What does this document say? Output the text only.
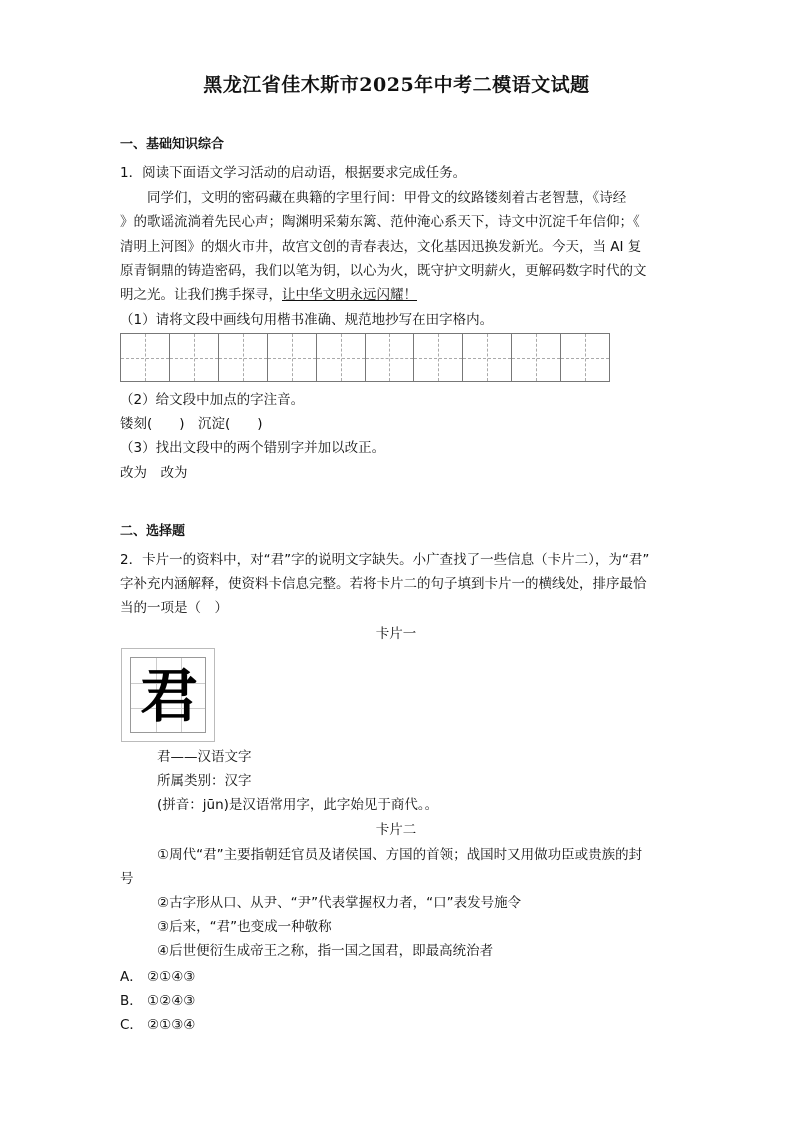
黑龙江省佳木斯市2025年中考二模语文试题
一、基础知识综合
1．阅读下面语文学习活动的启动语，根据要求完成任务。
同学们，文明的密码藏在典籍的字里行间：甲骨文的纹路镂刻着古老智慧，《诗经
》的歌谣流淌着先民心声；陶渊明采菊东篱、范仲淹心系天下，诗文中沉淀千年信仰；《
清明上河图》的烟火市井，故宫文创的青春表达，文化基因迅换发新光。今天，当 AI 复
原青铜鼎的铸造密码，我们以笔为钥，以心为火，既守护文明薪火，更解码数字时代的文
明之光。让我们携手探寻，让中华文明永远闪耀！
（1）请将文段中画线句用楷书准确、规范地抄写在田字格内。
（2）给文段中加点的字注音。
镂刻(　　)　沉淀(　　)
（3）找出文段中的两个错别字并加以改正。
改为　改为
二、选择题
2．卡片一的资料中，对“君”字的说明文字缺失。小广查找了一些信息（卡片二），为“君”
字补充内涵解释，使资料卡信息完整。若将卡片二的句子填到卡片一的横线处，排序最恰
当的一项是（　）
卡片一
君
君——汉语文字
所属类别：汉字
(拼音：jūn)是汉语常用字，此字始见于商代。。
卡片二
①周代“君”主要指朝廷官员及诸侯国、方国的首领；战国时又用做功臣或贵族的封
号
②古字形从口、从尹、“尹”代表掌握权力者，“口”表发号施令
③后来，“君”也变成一种敬称
④后世便衍生成帝王之称，指一国之国君，即最高统治者
A． ②①④③
B． ①②④③
C． ②①③④
